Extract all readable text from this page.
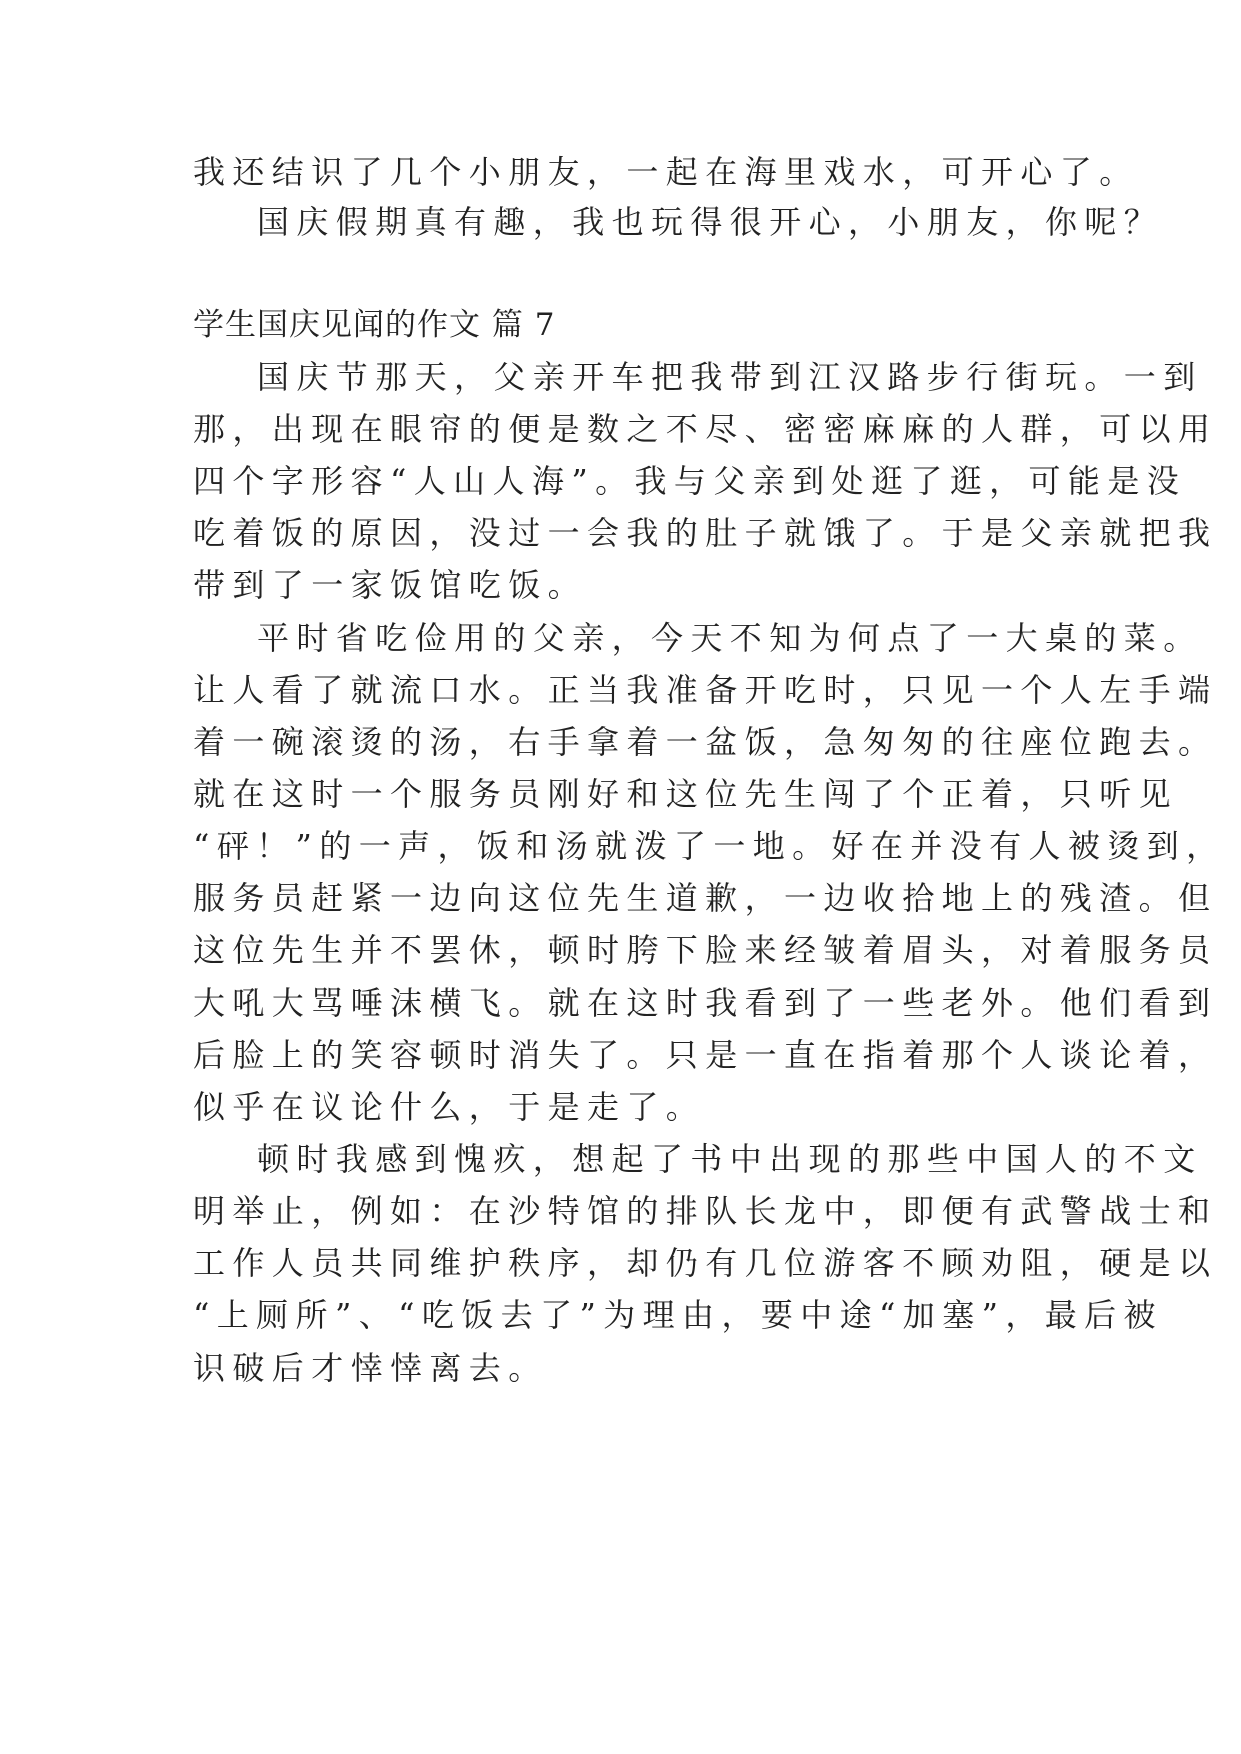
我还结识了几个小朋友，一起在海里戏水，可开心了。
国庆假期真有趣，我也玩得很开心，小朋友，你呢？
学生国庆见闻的作文 篇 7
国庆节那天，父亲开车把我带到江汉路步行街玩。一到
那，出现在眼帘的便是数之不尽、密密麻麻的人群，可以用
四个字形容“人山人海”。我与父亲到处逛了逛，可能是没
吃着饭的原因，没过一会我的肚子就饿了。于是父亲就把我
带到了一家饭馆吃饭。
平时省吃俭用的父亲，今天不知为何点了一大桌的菜。
让人看了就流口水。正当我准备开吃时，只见一个人左手端
着一碗滚烫的汤，右手拿着一盆饭，急匆匆的往座位跑去。
就在这时一个服务员刚好和这位先生闯了个正着，只听见
“砰！”的一声，饭和汤就泼了一地。好在并没有人被烫到，
服务员赶紧一边向这位先生道歉，一边收拾地上的残渣。但
这位先生并不罢休，顿时胯下脸来经皱着眉头，对着服务员
大吼大骂唾沫横飞。就在这时我看到了一些老外。他们看到
后脸上的笑容顿时消失了。只是一直在指着那个人谈论着，
似乎在议论什么，于是走了。
顿时我感到愧疚，想起了书中出现的那些中国人的不文
明举止，例如：在沙特馆的排队长龙中，即便有武警战士和
工作人员共同维护秩序，却仍有几位游客不顾劝阻，硬是以
“上厕所”、“吃饭去了”为理由，要中途“加塞”，最后被
识破后才悻悻离去。
